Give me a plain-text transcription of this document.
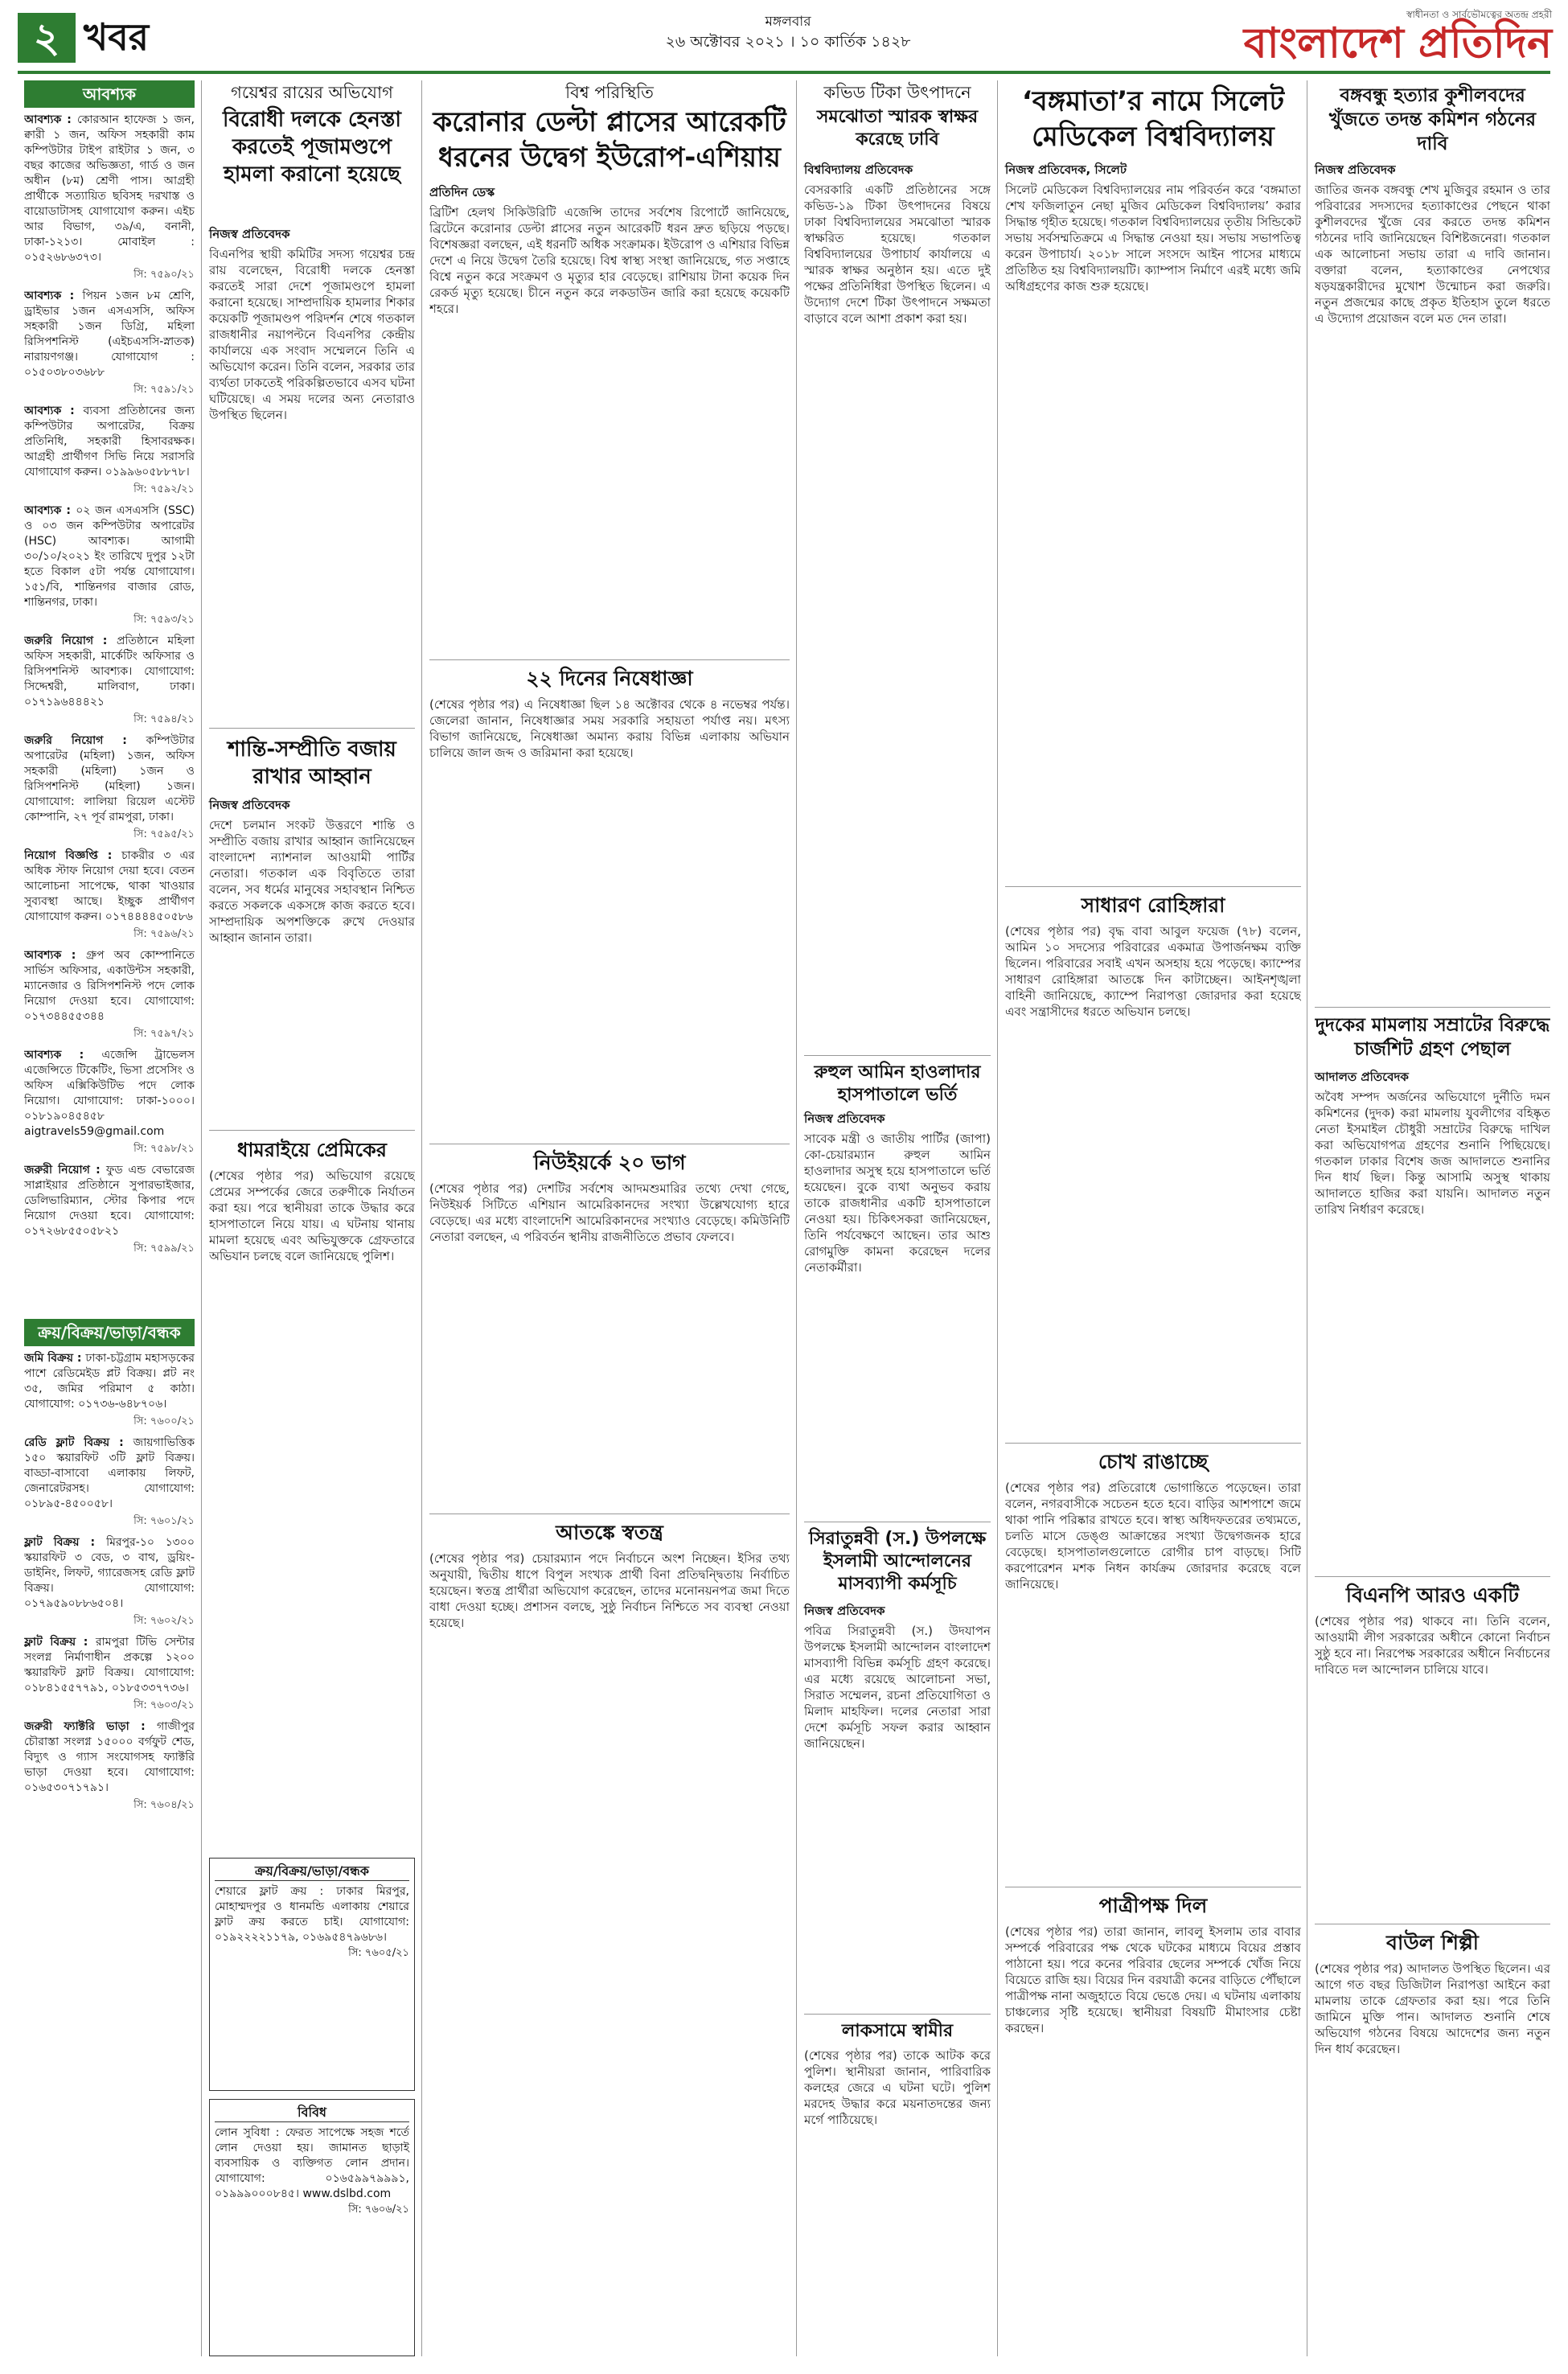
২ খবর	মঙ্গলবার
২৬ অক্টোবর ২০২১ । ১০ কার্তিক ১৪২৮
স্বাধীনতা ও সার্বভৌমত্বের অতন্দ্র প্রহরী
বাংলাদেশ প্রতিদিন
আবশ্যক
আবশ্যক : কোরআন হাফেজ ১ জন, ক্বারী ১ জন, অফিস সহকারী কাম কম্পিউটার টাইপ রাইটার ১ জন, ৩ বছর কাজের অভিজ্ঞতা, গার্ড ও জন অধীন (৮ম) শ্রেণী পাস। আগ্রহী প্রার্থীকে সত্যায়িত ছবিসহ দরখাস্ত ও বায়োডাটাসহ যোগাযোগ করুন। এইচ আর বিভাগ, ৩৯/এ, বনানী, ঢাকা-১২১৩। মোবাইল : ০১৫২৬৮৬৩৭৩।
সি: ৭৫৯০/২১
আবশ্যক : পিয়ন ১জন ৮ম শ্রেণি, ড্রাইভার ১জন এসএসসি, অফিস সহকারী ১জন ডিগ্রি, মহিলা রিসিপশনিস্ট (এইচএসসি-স্নাতক) নারায়ণগঞ্জ। যোগাযোগ : ০১৫০৩৮০৩৬৮৮
সি: ৭৫৯১/২১
আবশ্যক : ব্যবসা প্রতিষ্ঠানের জন্য কম্পিউটার অপারেটর, বিক্রয় প্রতিনিধি, সহকারী হিসাবরক্ষক। আগ্রহী প্রার্থীগণ সিভি নিয়ে সরাসরি যোগাযোগ করুন। ০১৯৯৬০৫৮৮৭৮।
সি: ৭৫৯২/২১
আবশ্যক : ০২ জন এসএসসি (SSC) ও ০৩ জন কম্পিউটার অপারেটর (HSC) আবশ্যক। আগামী ৩০/১০/২০২১ ইং তারিখে দুপুর ১২টা হতে বিকাল ৫টা পর্যন্ত যোগাযোগ। ১৫১/বি, শান্তিনগর বাজার রোড, শান্তিনগর, ঢাকা।
সি: ৭৫৯৩/২১
জরুরি নিয়োগ : প্রতিষ্ঠানে মহিলা অফিস সহকারী, মার্কেটিং অফিসার ও রিসিপশনিস্ট আবশ্যক। যোগাযোগ: সিদ্দেশ্বরী, মালিবাগ, ঢাকা। ০১৭১৯৬৪৪৪২১
সি: ৭৫৯৪/২১
জরুরি নিয়োগ : কম্পিউটার অপারেটর (মহিলা) ১জন, অফিস সহকারী (মহিলা) ১জন ও রিসিপশনিস্ট (মহিলা) ১জন। যোগাযোগ: লালিয়া রিয়েল এস্টেট কোম্পানি, ২৭ পূর্ব রামপুরা, ঢাকা।
সি: ৭৫৯৫/২১
নিয়োগ বিজ্ঞপ্তি : চাকরীর ৩ এর অধিক স্টাফ নিয়োগ দেয়া হবে। বেতন আলোচনা সাপেক্ষে, থাকা খাওয়ার সুব্যবস্থা আছে। ইচ্ছুক প্রার্থীগণ যোগাযোগ করুন। ০১৭৪৪৪৪৫০৫৮৬
সি: ৭৫৯৬/২১
আবশ্যক : গ্রুপ অব কোম্পানিতে সার্ভিস অফিসার, একাউন্টস সহকারী, ম্যানেজার ও রিসিপশনিস্ট পদে লোক নিয়োগ দেওয়া হবে। যোগাযোগ: ০১৭৩৪৪৫৫৩৪৪
সি: ৭৫৯৭/২১
আবশ্যক : এজেন্সি ট্রাভেলস এজেন্সিতে টিকেটিং, ভিসা প্রসেসিং ও অফিস এক্সিকিউটিভ পদে লোক নিয়োগ। যোগাযোগ: ঢাকা-১০০০। ০১৮১৯০৪৫৪৫৮ aigtravels59@gmail.com
সি: ৭৫৯৮/২১
জরুরী নিয়োগ : ফুড এন্ড বেভারেজ সাপ্লাইয়ার প্রতিষ্ঠানে সুপারভাইজার, ডেলিভারিম্যান, স্টোর কিপার পদে নিয়োগ দেওয়া হবে। যোগাযোগ: ০১৭২৬৮৫৫০৫৮২১
সি: ৭৫৯৯/২১
ক্রয়/বিক্রয়/ভাড়া/বন্ধক
জমি বিক্রয় : ঢাকা-চট্টগ্রাম মহাসড়কের পাশে রেডিমেইড প্লট বিক্রয়। প্লট নং ৩৫, জমির পরিমাণ ৫ কাঠা। যোগাযোগ: ০১৭৩৬-৬৪৮৭০৬।
সি: ৭৬০০/২১
রেডি ফ্লাট বিক্রয় : জায়গাভিত্তিক ১৫০ স্কয়ারফিট ৩টি ফ্লাট বিক্রয়। বাড্ডা-বাসাবো এলাকায় লিফট, জেনারেটরসহ। যোগাযোগ: ০১৮৯৫-৪৫০০৫৮।
সি: ৭৬০১/২১
ফ্লাট বিক্রয় : মিরপুর-১০ ১৩০০ স্কয়ারফিট ৩ বেড, ৩ বাথ, ড্রয়িং-ডাইনিং, লিফট, গ্যারেজসহ রেডি ফ্লাট বিক্রয়। যোগাযোগ: ০১৭৯৫৯০৮৮৬৫০৪।
সি: ৭৬০২/২১
ফ্লাট বিক্রয় : রামপুরা টিভি সেন্টার সংলগ্ন নির্মাণাধীন প্রকল্পে ১২০০ স্কয়ারফিট ফ্লাট বিক্রয়। যোগাযোগ: ০১৮৪১৫৫৭৭৯১, ০১৮৫৩৩৭৭৩৬।
সি: ৭৬০৩/২১
জরুরী ফ্যাক্টরি ভাড়া : গাজীপুর চৌরাস্তা সংলগ্ন ১৫০০০ বর্গফুট শেড, বিদ্যুৎ ও গ্যাস সংযোগসহ ফ্যাক্টরি ভাড়া দেওয়া হবে। যোগাযোগ: ০১৬৫৩০৭১৭৯১।
সি: ৭৬০৪/২১
গয়েশ্বর রায়ের অভিযোগ
বিরোধী দলকে হেনস্তা করতেই পূজামণ্ডপে হামলা করানো হয়েছে
নিজস্ব প্রতিবেদক
বিএনপির স্থায়ী কমিটির সদস্য গয়েশ্বর চন্দ্র রায় বলেছেন, বিরোধী দলকে হেনস্তা করতেই সারা দেশে পূজামণ্ডপে হামলা করানো হয়েছে। সাম্প্রদায়িক হামলার শিকার কয়েকটি পূজামণ্ডপ পরিদর্শন শেষে গতকাল রাজধানীর নয়াপল্টনে বিএনপির কেন্দ্রীয় কার্যালয়ে এক সংবাদ সম্মেলনে তিনি এ অভিযোগ করেন। তিনি বলেন, সরকার তার ব্যর্থতা ঢাকতেই পরিকল্পিতভাবে এসব ঘটনা ঘটিয়েছে। এ সময় দলের অন্য নেতারাও উপস্থিত ছিলেন।
শান্তি-সম্প্রীতি বজায় রাখার আহ্বান
নিজস্ব প্রতিবেদক
দেশে চলমান সংকট উত্তরণে শান্তি ও সম্প্রীতি বজায় রাখার আহ্বান জানিয়েছেন বাংলাদেশ ন্যাশনাল আওয়ামী পার্টির নেতারা। গতকাল এক বিবৃতিতে তারা বলেন, সব ধর্মের মানুষের সহাবস্থান নিশ্চিত করতে সকলকে একসঙ্গে কাজ করতে হবে। সাম্প্রদায়িক অপশক্তিকে রুখে দেওয়ার আহ্বান জানান তারা।
ধামরাইয়ে প্রেমিকের
(শেষের পৃষ্ঠার পর) অভিযোগ রয়েছে প্রেমের সম্পর্কের জেরে তরুণীকে নির্যাতন করা হয়। পরে স্থানীয়রা তাকে উদ্ধার করে হাসপাতালে নিয়ে যায়। এ ঘটনায় থানায় মামলা হয়েছে এবং অভিযুক্তকে গ্রেফতারে অভিযান চলছে বলে জানিয়েছে পুলিশ।
ক্রয়/বিক্রয়/ভাড়া/বন্ধক
শেয়ারে ফ্লাট ক্রয় : ঢাকার মিরপুর, মোহাম্মদপুর ও ধানমন্ডি এলাকায় শেয়ারে ফ্লাট ক্রয় করতে চাই। যোগাযোগ: ০১৯২২২২১১৭৯, ০১৬৯৫৪৭৯৬৮৬।
সি: ৭৬০৫/২১
বিবিধ
লোন সুবিধা : ফেরত সাপেক্ষে সহজ শর্তে লোন দেওয়া হয়। জামানত ছাড়াই ব্যবসায়িক ও ব্যক্তিগত লোন প্রদান। যোগাযোগ: ০১৬৫৯৯৭৯৯৯১, ০১৯৯৯০০০৮৪৫। www.dslbd.com
সি: ৭৬০৬/২১
বিশ্ব পরিস্থিতি
করোনার ডেল্টা প্লাসের আরেকটি ধরনের উদ্বেগ ইউরোপ-এশিয়ায়
প্রতিদিন ডেস্ক
ব্রিটিশ হেলথ সিকিউরিটি এজেন্সি তাদের সর্বশেষ রিপোর্টে জানিয়েছে, ব্রিটেনে করোনার ডেল্টা প্লাসের নতুন আরেকটি ধরন দ্রুত ছড়িয়ে পড়ছে। বিশেষজ্ঞরা বলছেন, এই ধরনটি অধিক সংক্রামক। ইউরোপ ও এশিয়ার বিভিন্ন দেশে এ নিয়ে উদ্বেগ তৈরি হয়েছে। বিশ্ব স্বাস্থ্য সংস্থা জানিয়েছে, গত সপ্তাহে বিশ্বে নতুন করে সংক্রমণ ও মৃত্যুর হার বেড়েছে। রাশিয়ায় টানা কয়েক দিন রেকর্ড মৃত্যু হয়েছে। চীনে নতুন করে লকডাউন জারি করা হয়েছে কয়েকটি শহরে।
২২ দিনের নিষেধাজ্ঞা
(শেষের পৃষ্ঠার পর) এ নিষেধাজ্ঞা ছিল ১৪ অক্টোবর থেকে ৪ নভেম্বর পর্যন্ত। জেলেরা জানান, নিষেধাজ্ঞার সময় সরকারি সহায়তা পর্যাপ্ত নয়। মৎস্য বিভাগ জানিয়েছে, নিষেধাজ্ঞা অমান্য করায় বিভিন্ন এলাকায় অভিযান চালিয়ে জাল জব্দ ও জরিমানা করা হয়েছে।
নিউইয়র্কে ২০ ভাগ
(শেষের পৃষ্ঠার পর) দেশটির সর্বশেষ আদমশুমারির তথ্যে দেখা গেছে, নিউইয়র্ক সিটিতে এশিয়ান আমেরিকানদের সংখ্যা উল্লেখযোগ্য হারে বেড়েছে। এর মধ্যে বাংলাদেশি আমেরিকানদের সংখ্যাও বেড়েছে। কমিউনিটি নেতারা বলছেন, এ পরিবর্তন স্থানীয় রাজনীতিতে প্রভাব ফেলবে।
আতঙ্কে স্বতন্ত্র
(শেষের পৃষ্ঠার পর) চেয়ারম্যান পদে নির্বাচনে অংশ নিচ্ছেন। ইসির তথ্য অনুযায়ী, দ্বিতীয় ধাপে বিপুল সংখ্যক প্রার্থী বিনা প্রতিদ্বন্দ্বিতায় নির্বাচিত হয়েছেন। স্বতন্ত্র প্রার্থীরা অভিযোগ করেছেন, তাদের মনোনয়নপত্র জমা দিতে বাধা দেওয়া হচ্ছে। প্রশাসন বলছে, সুষ্ঠু নির্বাচন নিশ্চিতে সব ব্যবস্থা নেওয়া হয়েছে।
কভিড টিকা উৎপাদনে
সমঝোতা স্মারক স্বাক্ষর করেছে ঢাবি
বিশ্ববিদ্যালয় প্রতিবেদক
বেসরকারি একটি প্রতিষ্ঠানের সঙ্গে কভিড-১৯ টিকা উৎপাদনের বিষয়ে ঢাকা বিশ্ববিদ্যালয়ের সমঝোতা স্মারক স্বাক্ষরিত হয়েছে। গতকাল বিশ্ববিদ্যালয়ের উপাচার্য কার্যালয়ে এ স্মারক স্বাক্ষর অনুষ্ঠান হয়। এতে দুই পক্ষের প্রতিনিধিরা উপস্থিত ছিলেন। এ উদ্যোগ দেশে টিকা উৎপাদনে সক্ষমতা বাড়াবে বলে আশা প্রকাশ করা হয়।
রুহুল আমিন হাওলাদার হাসপাতালে ভর্তি
নিজস্ব প্রতিবেদক
সাবেক মন্ত্রী ও জাতীয় পার্টির (জাপা) কো-চেয়ারম্যান রুহুল আমিন হাওলাদার অসুস্থ হয়ে হাসপাতালে ভর্তি হয়েছেন। বুকে ব্যথা অনুভব করায় তাকে রাজধানীর একটি হাসপাতালে নেওয়া হয়। চিকিৎসকরা জানিয়েছেন, তিনি পর্যবেক্ষণে আছেন। তার আশু রোগমুক্তি কামনা করেছেন দলের নেতাকর্মীরা।
সিরাতুন্নবী (স.) উপলক্ষে ইসলামী আন্দোলনের মাসব্যাপী কর্মসূচি
নিজস্ব প্রতিবেদক
পবিত্র সিরাতুন্নবী (স.) উদযাপন উপলক্ষে ইসলামী আন্দোলন বাংলাদেশ মাসব্যাপী বিভিন্ন কর্মসূচি গ্রহণ করেছে। এর মধ্যে রয়েছে আলোচনা সভা, সিরাত সম্মেলন, রচনা প্রতিযোগিতা ও মিলাদ মাহফিল। দলের নেতারা সারা দেশে কর্মসূচি সফল করার আহ্বান জানিয়েছেন।
লাকসামে স্বামীর
(শেষের পৃষ্ঠার পর) তাকে আটক করে পুলিশ। স্থানীয়রা জানান, পারিবারিক কলহের জেরে এ ঘটনা ঘটে। পুলিশ মরদেহ উদ্ধার করে ময়নাতদন্তের জন্য মর্গে পাঠিয়েছে।
‘বঙ্গমাতা’র নামে সিলেট মেডিকেল বিশ্ববিদ্যালয়
নিজস্ব প্রতিবেদক, সিলেট
সিলেট মেডিকেল বিশ্ববিদ্যালয়ের নাম পরিবর্তন করে ‘বঙ্গমাতা শেখ ফজিলাতুন নেছা মুজিব মেডিকেল বিশ্ববিদ্যালয়’ করার সিদ্ধান্ত গৃহীত হয়েছে। গতকাল বিশ্ববিদ্যালয়ের তৃতীয় সিন্ডিকেট সভায় সর্বসম্মতিক্রমে এ সিদ্ধান্ত নেওয়া হয়। সভায় সভাপতিত্ব করেন উপাচার্য। ২০১৮ সালে সংসদে আইন পাসের মাধ্যমে প্রতিষ্ঠিত হয় বিশ্ববিদ্যালয়টি। ক্যাম্পাস নির্মাণে এরই মধ্যে জমি অধিগ্রহণের কাজ শুরু হয়েছে।
সাধারণ রোহিঙ্গারা
(শেষের পৃষ্ঠার পর) বৃদ্ধ বাবা আবুল ফয়েজ (৭৮) বলেন, আমিন ১০ সদস্যের পরিবারের একমাত্র উপার্জনক্ষম ব্যক্তি ছিলেন। পরিবারের সবাই এখন অসহায় হয়ে পড়েছে। ক্যাম্পের সাধারণ রোহিঙ্গারা আতঙ্কে দিন কাটাচ্ছেন। আইনশৃঙ্খলা বাহিনী জানিয়েছে, ক্যাম্পে নিরাপত্তা জোরদার করা হয়েছে এবং সন্ত্রাসীদের ধরতে অভিযান চলছে।
চোখ রাঙাচ্ছে
(শেষের পৃষ্ঠার পর) প্রতিরোধে ভোগান্তিতে পড়েছেন। তারা বলেন, নগরবাসীকে সচেতন হতে হবে। বাড়ির আশপাশে জমে থাকা পানি পরিষ্কার রাখতে হবে। স্বাস্থ্য অধিদফতরের তথ্যমতে, চলতি মাসে ডেঙ্গু আক্রান্তের সংখ্যা উদ্বেগজনক হারে বেড়েছে। হাসপাতালগুলোতে রোগীর চাপ বাড়ছে। সিটি করপোরেশন মশক নিধন কার্যক্রম জোরদার করেছে বলে জানিয়েছে।
পাত্রীপক্ষ দিল
(শেষের পৃষ্ঠার পর) তারা জানান, লাবলু ইসলাম তার বাবার সম্পর্কে পরিবারের পক্ষ থেকে ঘটকের মাধ্যমে বিয়ের প্রস্তাব পাঠানো হয়। পরে কনের পরিবার ছেলের সম্পর্কে খোঁজ নিয়ে বিয়েতে রাজি হয়। বিয়ের দিন বরযাত্রী কনের বাড়িতে পৌঁছালে পাত্রীপক্ষ নানা অজুহাতে বিয়ে ভেঙে দেয়। এ ঘটনায় এলাকায় চাঞ্চল্যের সৃষ্টি হয়েছে। স্থানীয়রা বিষয়টি মীমাংসার চেষ্টা করছেন।
বঙ্গবন্ধু হত্যার কুশীলবদের খুঁজতে তদন্ত কমিশন গঠনের দাবি
নিজস্ব প্রতিবেদক
জাতির জনক বঙ্গবন্ধু শেখ মুজিবুর রহমান ও তার পরিবারের সদস্যদের হত্যাকাণ্ডের পেছনে থাকা কুশীলবদের খুঁজে বের করতে তদন্ত কমিশন গঠনের দাবি জানিয়েছেন বিশিষ্টজনেরা। গতকাল এক আলোচনা সভায় তারা এ দাবি জানান। বক্তারা বলেন, হত্যাকাণ্ডের নেপথ্যের ষড়যন্ত্রকারীদের মুখোশ উন্মোচন করা জরুরি। নতুন প্রজন্মের কাছে প্রকৃত ইতিহাস তুলে ধরতে এ উদ্যোগ প্রয়োজন বলে মত দেন তারা।
দুদকের মামলায় সম্রাটের বিরুদ্ধে চার্জশিট গ্রহণ পেছাল
আদালত প্রতিবেদক
অবৈধ সম্পদ অর্জনের অভিযোগে দুর্নীতি দমন কমিশনের (দুদক) করা মামলায় যুবলীগের বহিষ্কৃত নেতা ইসমাইল চৌধুরী সম্রাটের বিরুদ্ধে দাখিল করা অভিযোগপত্র গ্রহণের শুনানি পিছিয়েছে। গতকাল ঢাকার বিশেষ জজ আদালতে শুনানির দিন ধার্য ছিল। কিন্তু আসামি অসুস্থ থাকায় আদালতে হাজির করা যায়নি। আদালত নতুন তারিখ নির্ধারণ করেছে।
বিএনপি আরও একটি
(শেষের পৃষ্ঠার পর) থাকবে না। তিনি বলেন, আওয়ামী লীগ সরকারের অধীনে কোনো নির্বাচন সুষ্ঠু হবে না। নিরপেক্ষ সরকারের অধীনে নির্বাচনের দাবিতে দল আন্দোলন চালিয়ে যাবে।
বাউল শিল্পী
(শেষের পৃষ্ঠার পর) আদালত উপস্থিত ছিলেন। এর আগে গত বছর ডিজিটাল নিরাপত্তা আইনে করা মামলায় তাকে গ্রেফতার করা হয়। পরে তিনি জামিনে মুক্তি পান। আদালত শুনানি শেষে অভিযোগ গঠনের বিষয়ে আদেশের জন্য নতুন দিন ধার্য করেছেন।
